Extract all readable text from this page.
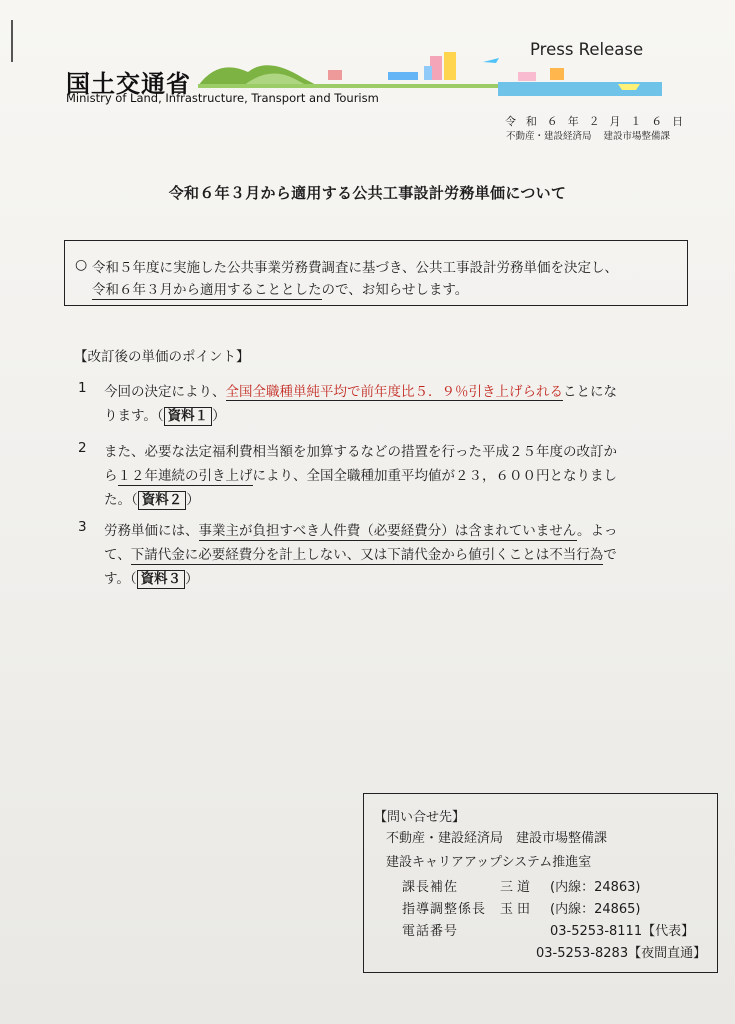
国土交通省
Ministry of Land, Infrastructure, Transport and Tourism
Press Release
令 和 ６ 年 ２ 月 １ ６ 日
不動産・建設経済局 建設市場整備課
令和６年３月から適用する公共工事設計労務単価について
○ 令和５年度に実施した公共事業労務費調査に基づき、公共工事設計労務単価を決定し、
令和６年３月から適用することとしたので、お知らせします。
【改訂後の単価のポイント】
1 今回の決定により、全国全職種単純平均で前年度比５．９％引き上げられることにな
ります。（ 資料１ ）
2 また、必要な法定福利費相当額を加算するなどの措置を行った平成２５年度の改訂か
ら１２年連続の引き上げにより、全国全職種加重平均値が２３，６００円となりまし
た。（ 資料２ ）
3 労務単価には、事業主が負担すべき人件費（必要経費分）は含まれていません。よっ
て、下請代金に必要経費分を計上しない、又は下請代金から値引くことは不当行為で
す。（ 資料３ ）
【問い合せ先】
不動産・建設経済局　建設市場整備課
建設キャリアアップシステム推進室
課長補佐	三道 (内線：24863)
指導調整係長 玉田 (内線：24865)
電話番号	03-5253-8111【代表】
03-5253-8283【夜間直通】
